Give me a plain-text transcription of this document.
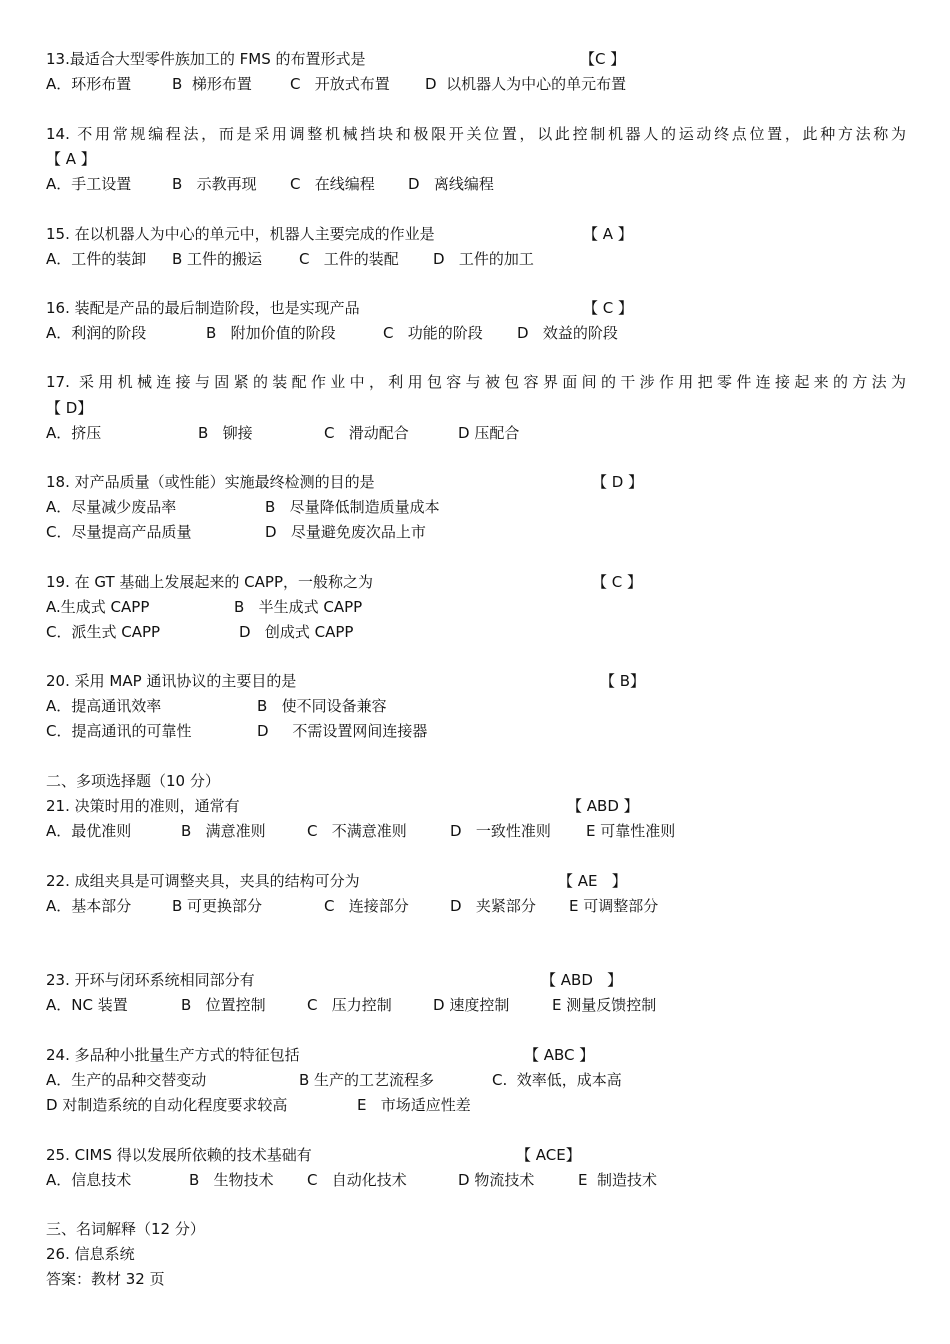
13.最适合大型零件族加工的 FMS 的布置形式是	【C 】
A．环形布置	B  梯形布置	C   开放式布置 D  以机器人为中心的单元布置
14. 不用常规编程法，而是采用调整机械挡块和极限开关位置，以此控制机器人的运动终点位置，此种方法称为
【 A 】
A．手工设置	B   示教再现 C   在线编程 D   离线编程
15. 在以机器人为中心的单元中，机器人主要完成的作业是	【 A 】
A．工件的装卸 B 工件的搬运 C   工件的装配 D   工件的加工
16. 装配是产品的最后制造阶段，也是实现产品	【 C 】
A．利润的阶段	B   附加价值的阶段	C   功能的阶段 D   效益的阶段
17. 采用机械连接与固紧的装配作业中，利用包容与被包容界面间的干涉作用把零件连接起来的方法为
【 D】
A．挤压	B   铆接	C   滑动配合	D 压配合
18. 对产品质量（或性能）实施最终检测的目的是	【 D 】
A．尽量减少废品率	B   尽量降低制造质量成本
C．尽量提高产品质量	D   尽量避免废次品上市
19. 在 GT 基础上发展起来的 CAPP，一般称之为	【 C 】
A.生成式 CAPP	B   半生成式 CAPP
C．派生式 CAPP	D   创成式 CAPP
20. 采用 MAP 通讯协议的主要目的是	【 B】
A．提高通讯效率	B   使不同设备兼容
C．提高通讯的可靠性	D     不需设置网间连接器
二、多项选择题（10 分）
21. 决策时用的准则，通常有	【 ABD 】
A．最优准则	B   满意准则	C   不满意准则	D   一致性准则 E 可靠性准则
22. 成组夹具是可调整夹具，夹具的结构可分为	【 AE   】
A．基本部分	B 可更换部分	C   连接部分	D   夹紧部分 E 可调整部分
23. 开环与闭环系统相同部分有	【 ABD   】
A．NC 装置	B   位置控制	C   压力控制	D 速度控制	E 测量反馈控制
24. 多品种小批量生产方式的特征包括	【 ABC 】
A．生产的品种交替变动	B 生产的工艺流程多	C.  效率低，成本高
D 对制造系统的自动化程度要求较高	E   市场适应性差
25. CIMS 得以发展所依赖的技术基础有	【 ACE】
A．信息技术	B   生物技术 C   自动化技术	D 物流技术	E  制造技术
三、名词解释（12 分）
26. 信息系统
答案：教材 32 页
